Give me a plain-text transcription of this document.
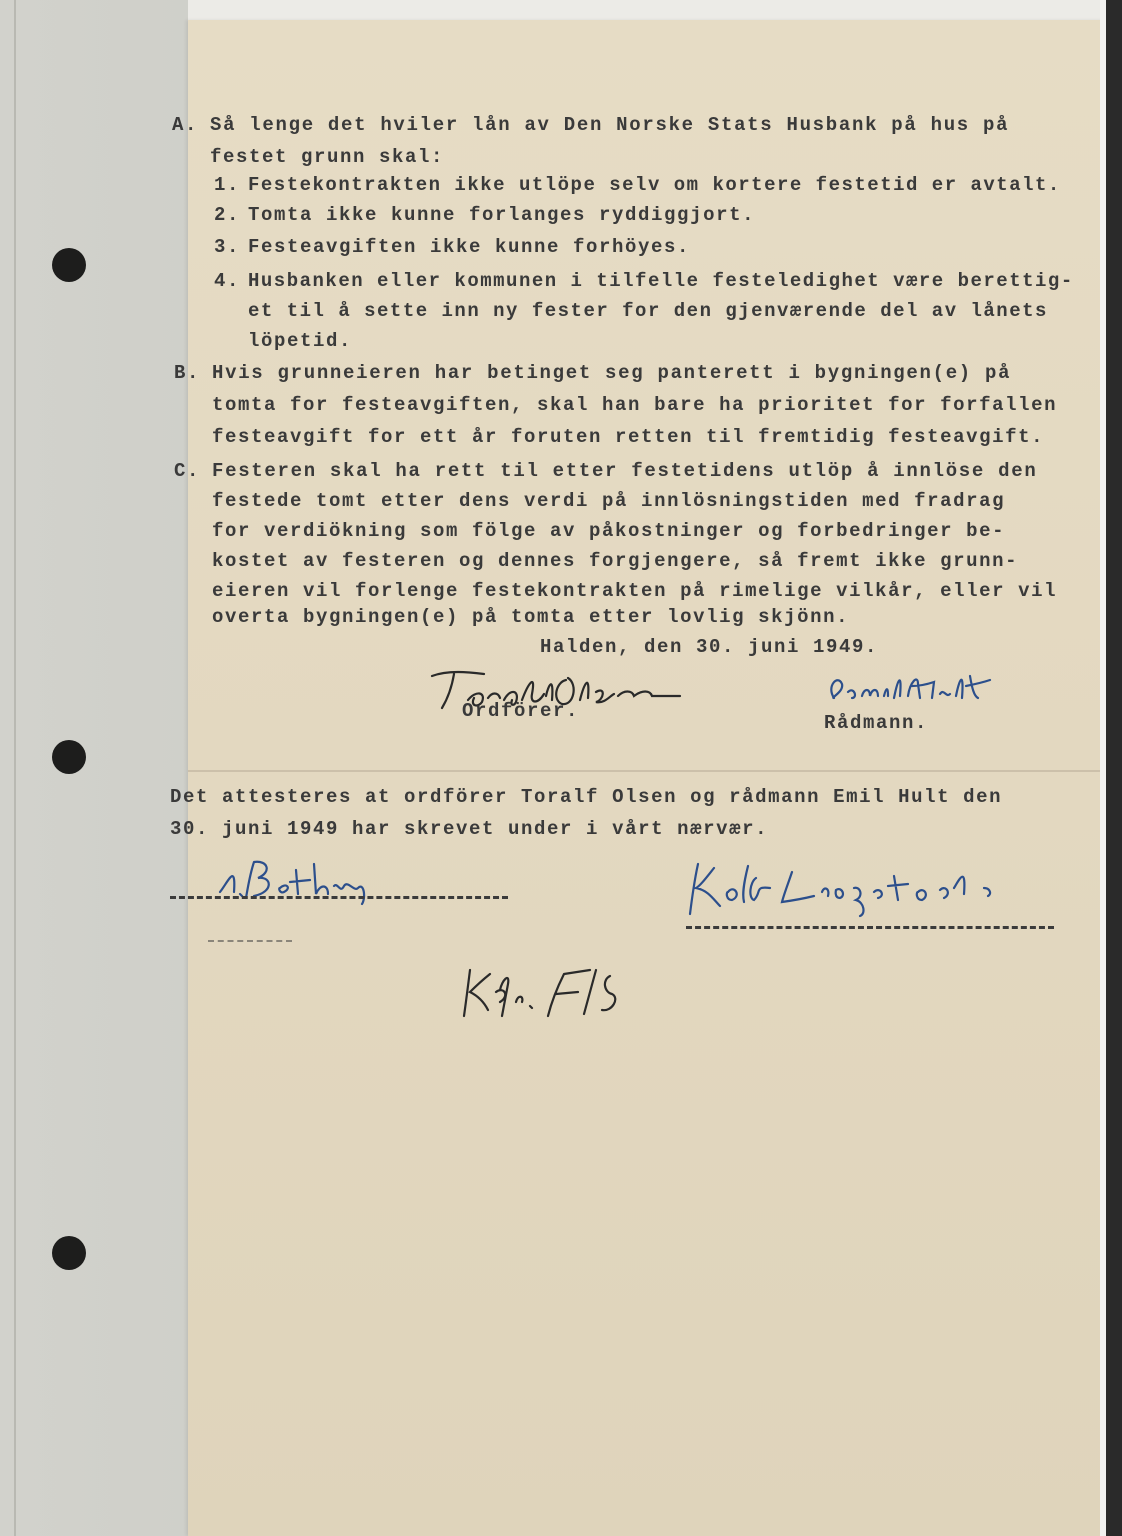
A. Så lenge det hviler lån av Den Norske Stats Husbank på hus på
festet grunn skal:
1. Festekontrakten ikke utlöpe selv om kortere festetid er avtalt.
2. Tomta ikke kunne forlanges ryddiggjort.
3. Festeavgiften ikke kunne forhöyes.
4. Husbanken eller kommunen i tilfelle festeledighet være berettig-
et til å sette inn ny fester for den gjenværende del av lånets
löpetid.
B. Hvis grunneieren har betinget seg panterett i bygningen(e) på
tomta for festeavgiften, skal han bare ha prioritet for forfallen
festeavgift for ett år foruten retten til fremtidig festeavgift.
C. Festeren skal ha rett til etter festetidens utlöp å innlöse den
festede tomt etter dens verdi på innlösningstiden med fradrag
for verdiökning som fölge av påkostninger og forbedringer be-
kostet av festeren og dennes forgjengere, så fremt ikke grunn-
eieren vil forlenge festekontrakten på rimelige vilkår, eller vil
overta bygningen(e) på tomta etter lovlig skjönn.
Halden, den 30. juni 1949.
Ordförer.
Rådmann.
Det attesteres at ordförer Toralf Olsen og rådmann Emil Hult den
30. juni 1949 har skrevet under i vårt nærvær.
